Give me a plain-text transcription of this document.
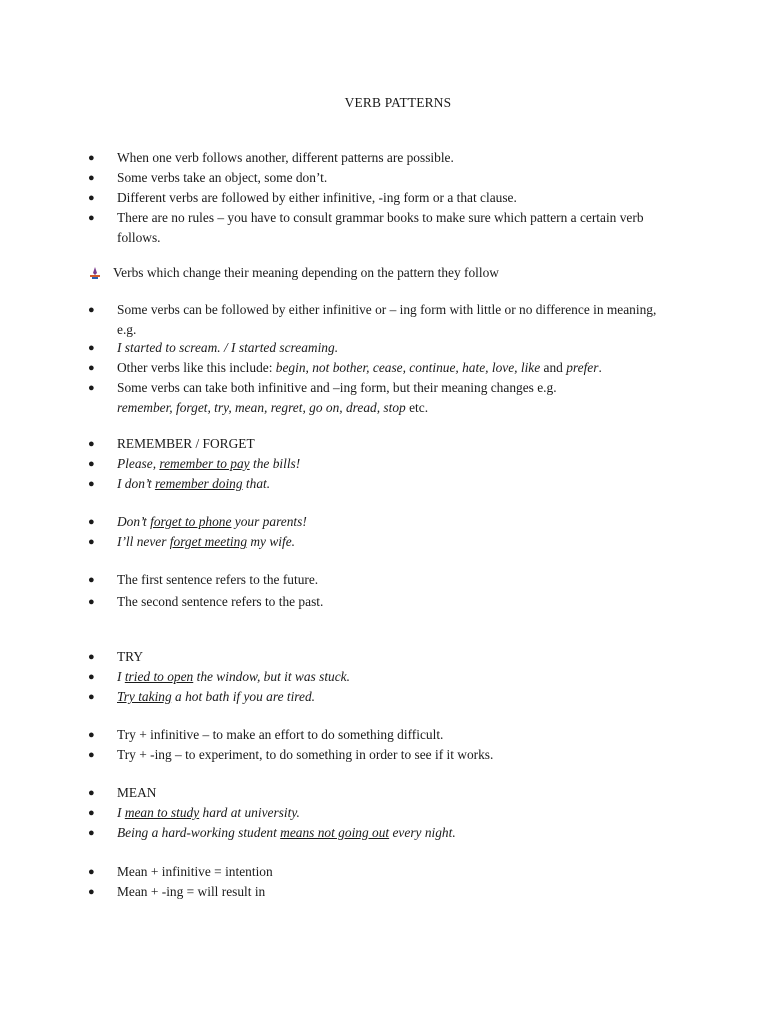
VERB PATTERNS
●	When one verb follows another, different patterns are possible.
●	Some verbs take an object, some don’t.
●	Different verbs are followed by either infinitive, -ing form or a that clause.
●	There are no rules – you have to consult grammar books to make sure which pattern a certain verb follows.
Verbs which change their meaning depending on the pattern they follow
●	Some verbs can be followed by either infinitive or – ing form with little or no difference in meaning, e.g.
●	I started to scream. / I started screaming.
●	Other verbs like this include: begin, not bother, cease, continue, hate, love, like and prefer.
●	Some verbs can take both infinitive and –ing form, but their meaning changes e.g.
remember, forget, try, mean, regret, go on, dread, stop etc.
●	REMEMBER / FORGET
●	Please, remember to pay the bills!
●	I don’t remember doing that.
●	Don’t forget to phone your parents!
●	I’ll never forget meeting my wife.
●	The first sentence refers to the future.
●	The second sentence refers to the past.
●	TRY
●	I tried to open the window, but it was stuck.
●	Try taking a hot bath if you are tired.
●	Try + infinitive – to make an effort to do something difficult.
●	Try + -ing – to experiment, to do something in order to see if it works.
●	MEAN
●	I mean to study hard at university.
●	Being a hard-working student means not going out every night.
●	Mean + infinitive = intention
●	Mean + -ing = will result in
